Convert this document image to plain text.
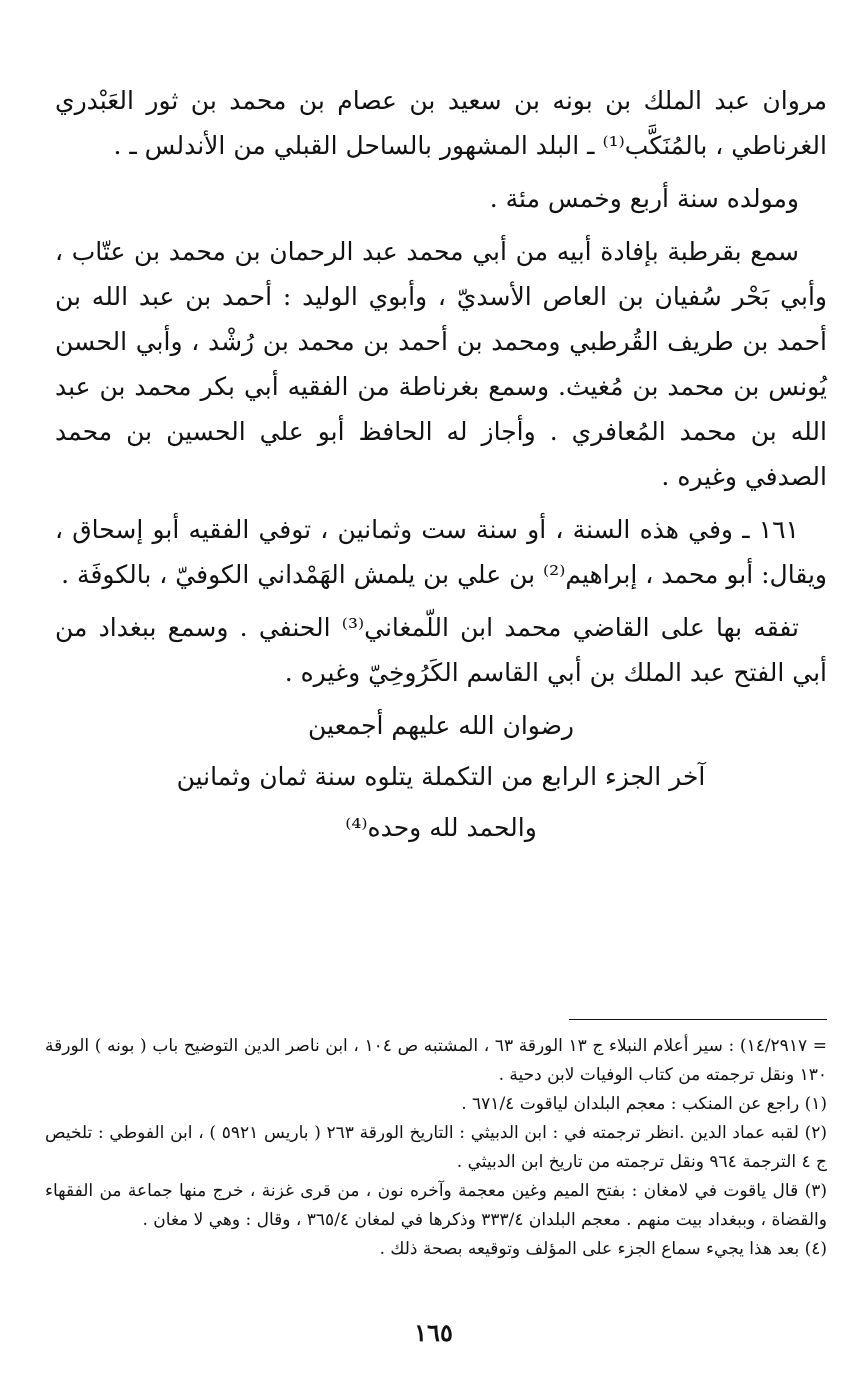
مروان عبد الملك بن بونه بن سعيد بن عصام بن محمد بن ثور العَبْدري الغرناطي ، بالمُنَكَّب⁽¹⁾ ـ البلد المشهور بالساحل القبلي من الأندلس ـ .

ومولده سنة أربع وخمس مئة .

سمع بقرطبة بإفادة أبيه من أبي محمد عبد الرحمان بن محمد بن عتّاب ، وأبي بَحْر سُفيان بن العاص الأسديّ ، وأبوي الوليد : أحمد بن عبد الله بن أحمد بن طريف القُرطبي ومحمد بن أحمد بن محمد بن رُشْد ، وأبي الحسن يُونس بن محمد بن مُغيث. وسمع بغرناطة من الفقيه أبي بكر محمد بن عبد الله بن محمد المُعافري . وأجاز له الحافظ أبو علي الحسين بن محمد الصدفي وغيره .

١٦١ ـ وفي هذه السنة ، أو سنة ست وثمانين ، توفي الفقيه أبو إسحاق ، ويقال: أبو محمد ، إبراهيم⁽²⁾ بن علي بن يلمش الهَمْداني الكوفيّ ، بالكوفَة .

تفقه بها على القاضي محمد ابن اللّمغاني⁽³⁾ الحنفي . وسمع ببغداد من أبي الفتح عبد الملك بن أبي القاسم الكَرُوخِيّ وغيره .

رضوان الله عليهم أجمعين

آخر الجزء الرابع من التكملة يتلوه سنة ثمان وثمانين

والحمد لله وحده⁽⁴⁾

= ١٤/٢٩١٧) : سير أعلام النبلاء ج ١٣ الورقة ٦٣ ، المشتبه ص ١٠٤ ، ابن ناصر الدين التوضيح باب ( بونه ) الورقة ١٣٠ ونقل ترجمته من كتاب الوفيات لابن دحية .

(١) راجع عن المنكب : معجم البلدان لياقوت ٦٧١/٤ .

(٢) لقبه عماد الدين .انظر ترجمته في : ابن الدبيثي : التاريخ الورقة ٢٦٣ ( باريس ٥٩٢١ ) ، ابن الفوطي : تلخيص ج ٤ الترجمة ٩٦٤ ونقل ترجمته من تاريخ ابن الدبيثي .

(٣) قال ياقوت في لامغان : بفتح الميم وغين معجمة وآخره نون ، من قرى غزنة ، خرج منها جماعة من الفقهاء والقضاة ، وببغداد بيت منهم . معجم البلدان ٣٣٣/٤ وذكرها في لمغان ٣٦٥/٤ ، وقال : وهي لا مغان .

(٤) بعد هذا يجيء سماع الجزء على المؤلف وتوقيعه بصحة ذلك .

١٦٥
